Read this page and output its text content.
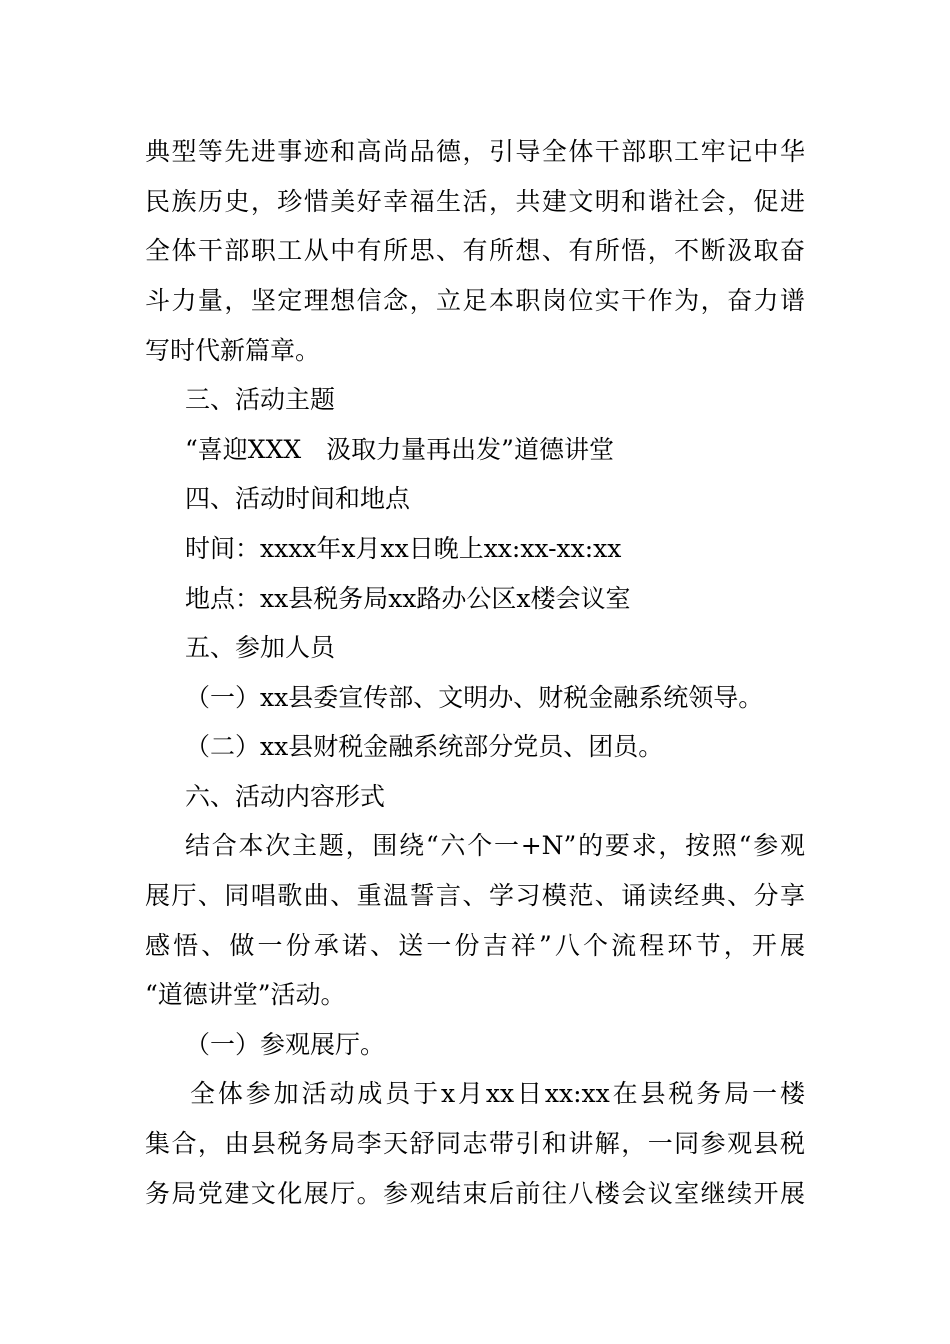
典型等先进事迹和高尚品德，引导全体干部职工牢记中华
民族历史，珍惜美好幸福生活，共建文明和谐社会，促进
全体干部职工从中有所思、有所想、有所悟，不断汲取奋
斗力量，坚定理想信念，立足本职岗位实干作为，奋力谱
写时代新篇章。
三、活动主题
“喜迎XXX　汲取力量再出发”道德讲堂
四、活动时间和地点
时间：xxxx年x月xx日晚上xx:xx-xx:xx
地点：xx县税务局xx路办公区x楼会议室
五、参加人员
（一）xx县委宣传部、文明办、财税金融系统领导。
（二）xx县财税金融系统部分党员、团员。
六、活动内容形式
结合本次主题，围绕“六个一+N”的要求，按照“参观
展厅、同唱歌曲、重温誓言、学习模范、诵读经典、分享
感悟、做一份承诺、送一份吉祥”八个流程环节，开展
“道德讲堂”活动。
（一）参观展厅。
全体参加活动成员于x月xx日xx:xx在县税务局一楼
集合，由县税务局李天舒同志带引和讲解，一同参观县税
务局党建文化展厅。参观结束后前往八楼会议室继续开展
